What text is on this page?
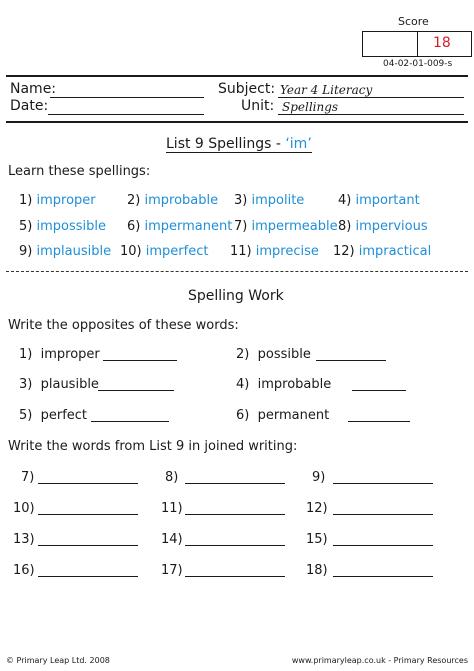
Score
18
04-02-01-009-s
Name:
Date:
Subject: Year 4 Literacy
Unit: Spellings
List 9 Spellings - ‘im’
Learn these spellings:
1) improper 2) improbable 3) impolite	4) important
5) impossible 6) impermanent 7) impermeable 8) impervious
9) implausible 10) imperfect 11) imprecise 12) impractical
Spelling Work
Write the opposites of these words:
1) improper	2) possible
3) plausible	4) improbable
5) perfect	6) permanent
Write the words from List 9 in joined writing:
7)	8)	9)
10)	11)	12)
13)	14)	15)
16)	17)	18)
© Primary Leap Ltd. 2008	www.primaryleap.co.uk - Primary Resources
